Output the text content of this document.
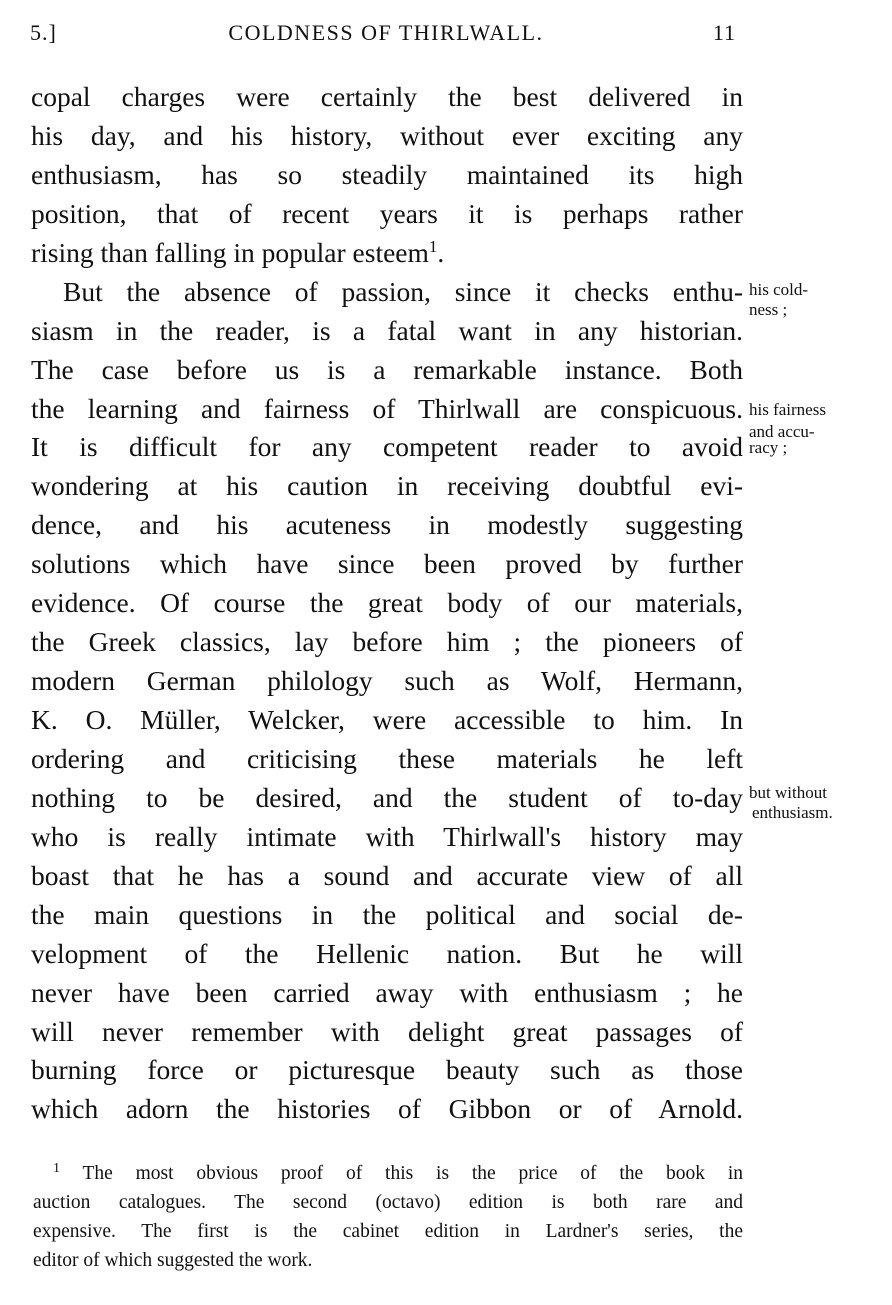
5.]	COLDNESS OF THIRLWALL.	11
copal charges were certainly the best delivered in
his day, and his history, without ever exciting any
enthusiasm, has so steadily maintained its high
position, that of recent years it is perhaps rather
rising than falling in popular esteem$^1$.
But the absence of passion, since it checks enthu-
siasm in the reader, is a fatal want in any historian.
The case before us is a remarkable instance. Both
the learning and fairness of Thirlwall are conspicuous.
It is difficult for any competent reader to avoid
wondering at his caution in receiving doubtful evi-
dence, and his acuteness in modestly suggesting
solutions which have since been proved by further
evidence. Of course the great body of our materials,
the Greek classics, lay before him ; the pioneers of
modern German philology such as Wolf, Hermann,
K. O. Müller, Welcker, were accessible to him. In
ordering and criticising these materials he left
nothing to be desired, and the student of to-day
who is really intimate with Thirlwall's history may
boast that he has a sound and accurate view of all
the main questions in the political and social de-
velopment of the Hellenic nation. But he will
never have been carried away with enthusiasm ; he
will never remember with delight great passages of
burning force or picturesque beauty such as those
which adorn the histories of Gibbon or of Arnold.
his cold-
ness ;
his fairness
and accu-
racy ;
but without
enthusiasm.
$^1$ The most obvious proof of this is the price of the book in
auction catalogues. The second (octavo) edition is both rare and
expensive. The first is the cabinet edition in Lardner's series, the
editor of which suggested the work.
